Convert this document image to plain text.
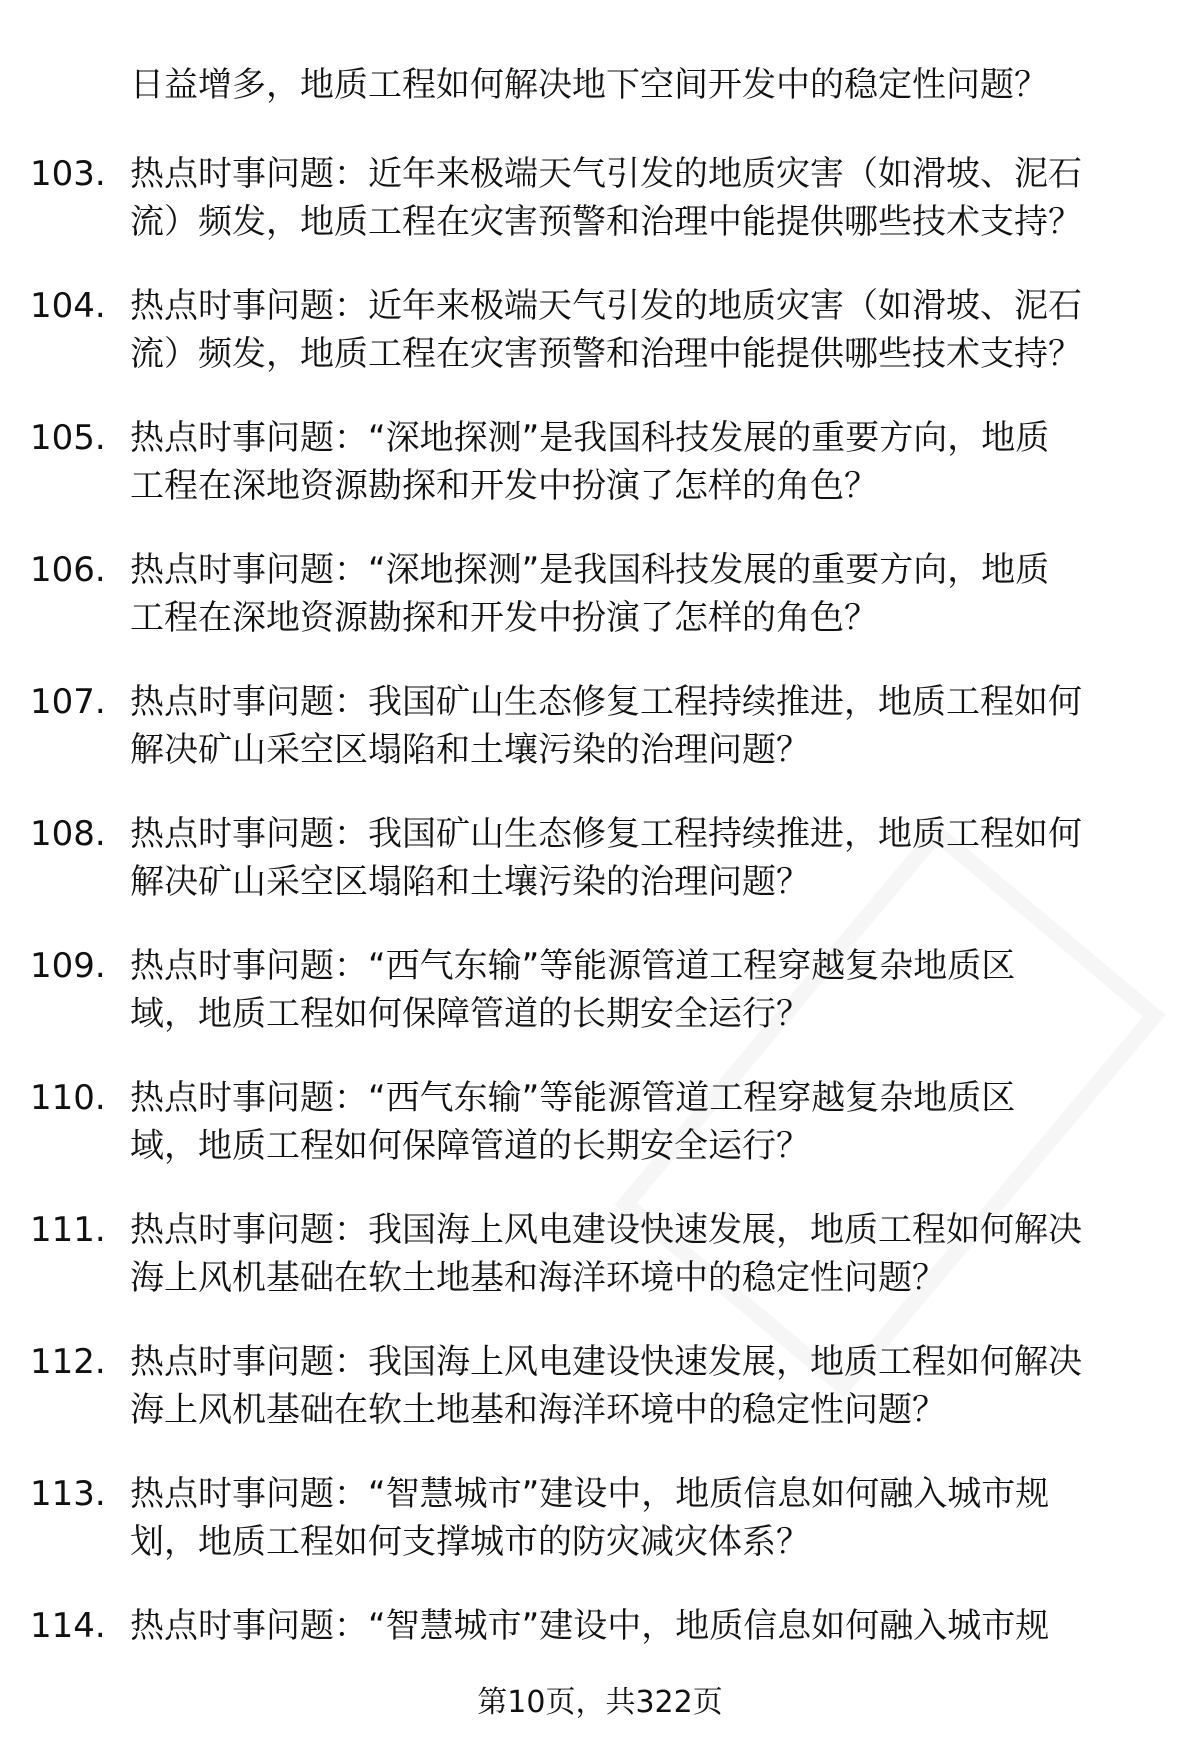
日益增多，地质工程如何解决地下空间开发中的稳定性问题？
103. 热点时事问题：近年来极端天气引发的地质灾害（如滑坡、泥石
流）频发，地质工程在灾害预警和治理中能提供哪些技术支持？
104. 热点时事问题：近年来极端天气引发的地质灾害（如滑坡、泥石
流）频发，地质工程在灾害预警和治理中能提供哪些技术支持？
105. 热点时事问题：“深地探测”是我国科技发展的重要方向，地质
工程在深地资源勘探和开发中扮演了怎样的角色？
106. 热点时事问题：“深地探测”是我国科技发展的重要方向，地质
工程在深地资源勘探和开发中扮演了怎样的角色？
107. 热点时事问题：我国矿山生态修复工程持续推进，地质工程如何
解决矿山采空区塌陷和土壤污染的治理问题？
108. 热点时事问题：我国矿山生态修复工程持续推进，地质工程如何
解决矿山采空区塌陷和土壤污染的治理问题？
109. 热点时事问题：“西气东输”等能源管道工程穿越复杂地质区
域，地质工程如何保障管道的长期安全运行？
110. 热点时事问题：“西气东输”等能源管道工程穿越复杂地质区
域，地质工程如何保障管道的长期安全运行？
111. 热点时事问题：我国海上风电建设快速发展，地质工程如何解决
海上风机基础在软土地基和海洋环境中的稳定性问题？
112. 热点时事问题：我国海上风电建设快速发展，地质工程如何解决
海上风机基础在软土地基和海洋环境中的稳定性问题？
113. 热点时事问题：“智慧城市”建设中，地质信息如何融入城市规
划，地质工程如何支撑城市的防灾减灾体系？
114. 热点时事问题：“智慧城市”建设中，地质信息如何融入城市规
第10页，共322页
